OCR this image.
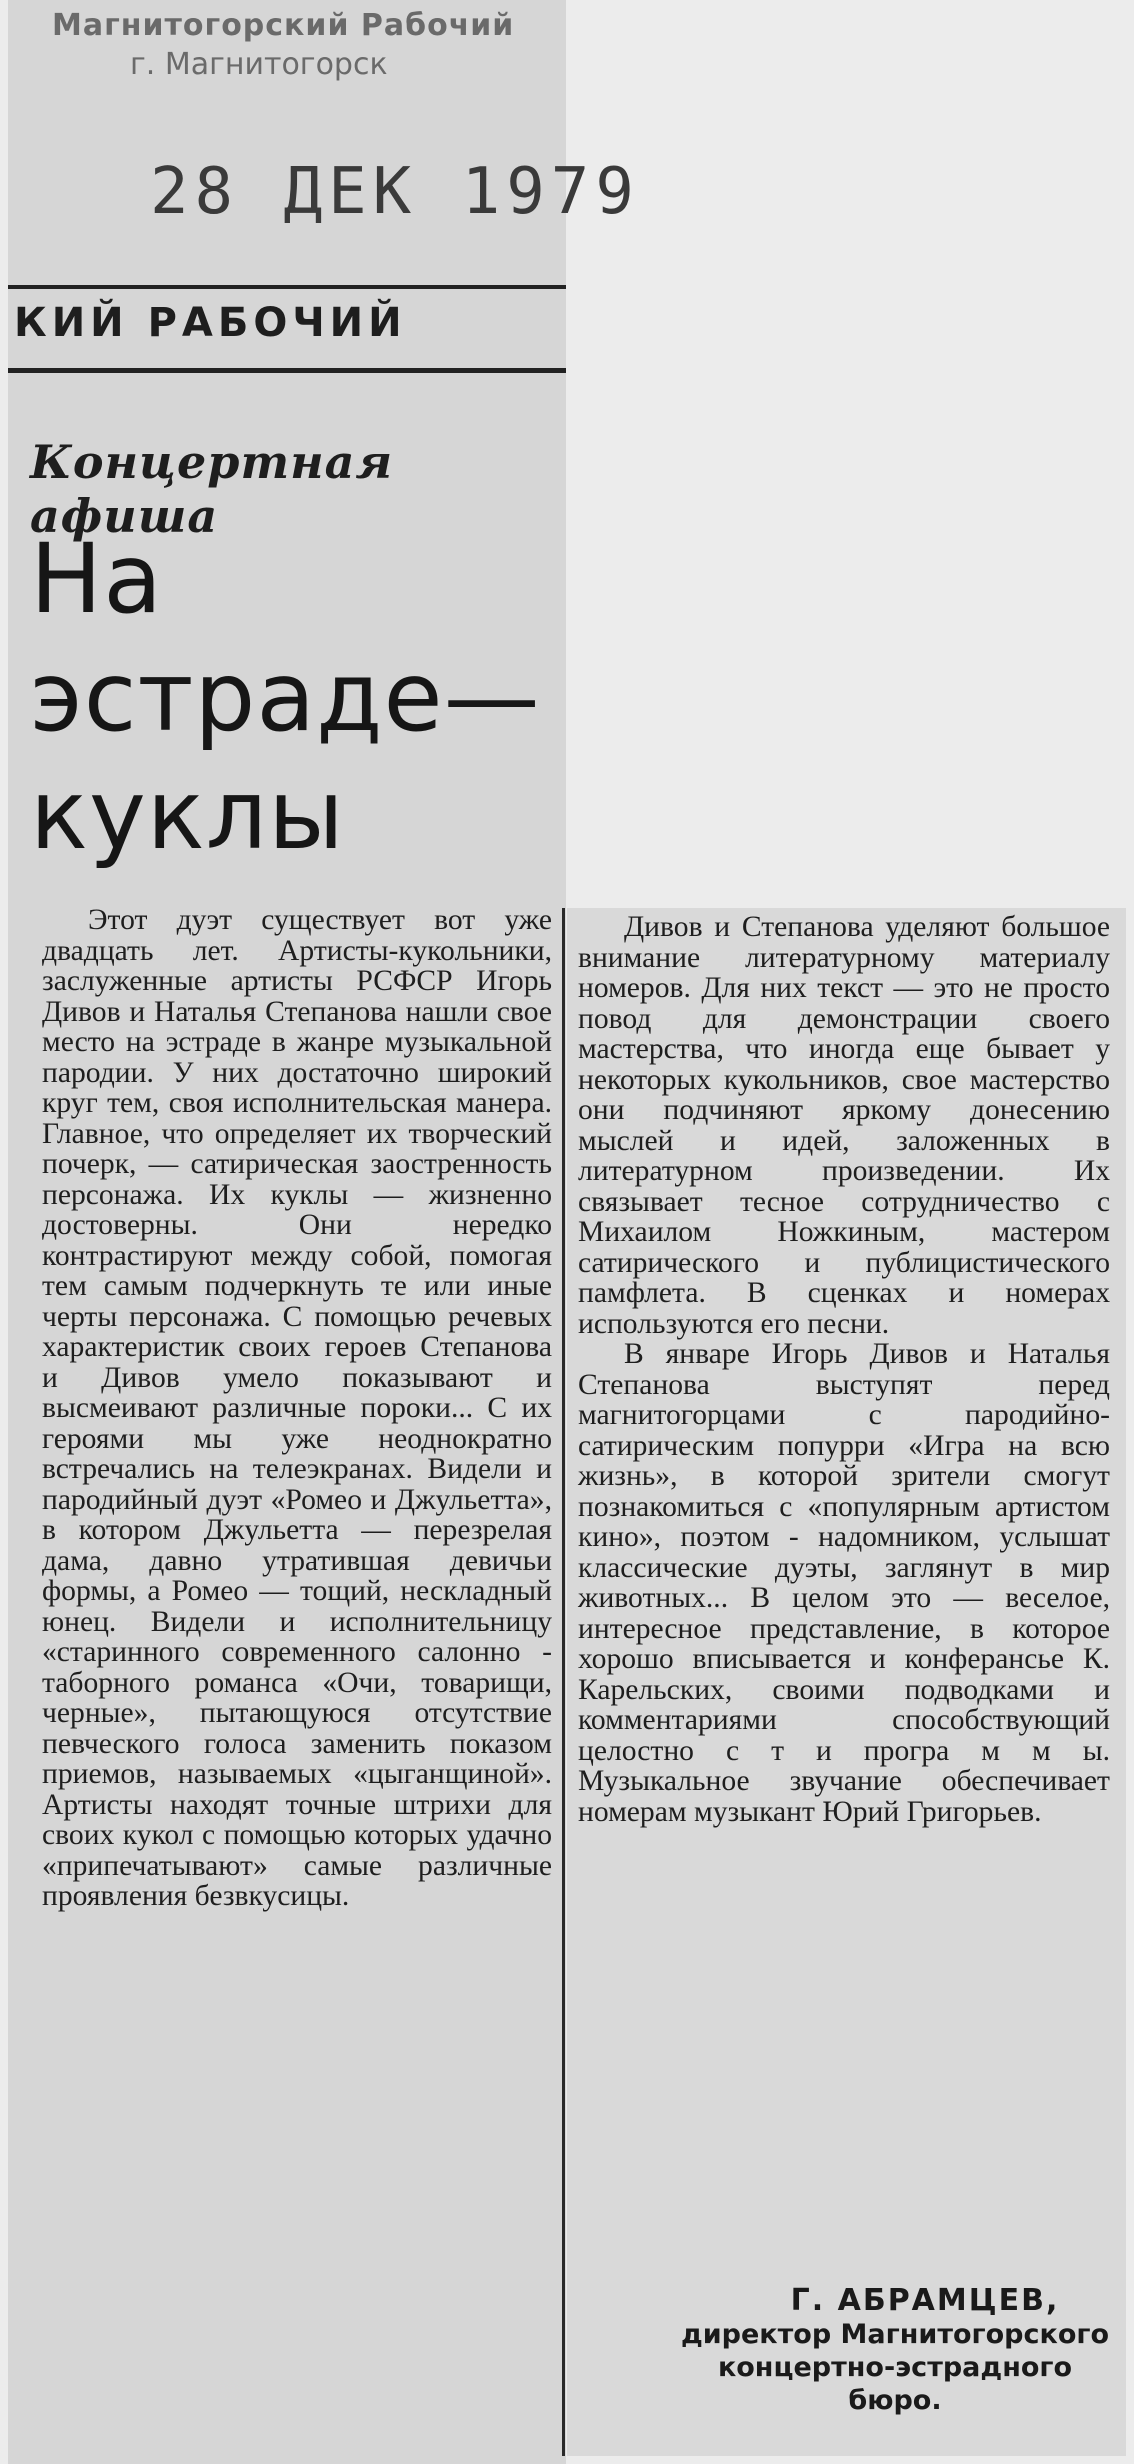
Магнитогорский Рабочий
г. Магнитогорск
28 ДЕК 1979
КИЙ РАБОЧИЙ
Концертная афиша
На
эстраде—
куклы

Этот дуэт существует вот уже двадцать лет. Артисты-кукольники, заслуженные артисты РСФСР Игорь Дивов и Наталья Степанова нашли свое место на эстраде в жанре музыкальной пародии. У них достаточно широкий круг тем, своя исполнительская манера. Главное, что определяет их творческий почерк, — сатирическая заостренность персонажа. Их куклы — жизненно достоверны. Они нередко контрастируют между собой, помогая тем самым подчеркнуть те или иные черты персонажа. С помощью речевых характеристик своих героев Степанова и Дивов умело показывают и высмеивают различные пороки... С их героями мы уже неоднократно встречались на телеэкранах. Видели и пародийный дуэт «Ромео и Джульетта», в котором Джульетта — перезрелая дама, давно утратившая девичьи формы, а Ромео — тощий, нескладный юнец. Видели и исполнительницу «старинного современного салонно - таборного романса «Очи, товарищи, черные», пытающуюся отсутствие певческого голоса заменить показом приемов, называемых «цыганщиной». Артисты находят точные штрихи для своих кукол с помощью которых удачно «припечатывают» самые различные проявления безвкусицы.

Дивов и Степанова уделяют большое внимание литературному материалу номеров. Для них текст — это не просто повод для демонстрации своего мастерства, что иногда еще бывает у некоторых кукольников, свое мастерство они подчиняют яркому донесению мыслей и идей, заложенных в литературном произведении. Их связывает тесное сотрудничество с Михаилом Ножкиным, мастером сатирического и публицистического памфлета. В сценках и номерах используются его песни.

В январе Игорь Дивов и Наталья Степанова выступят перед магнитогорцами с пародийно-сатирическим попурри «Игра на всю жизнь», в которой зрители смогут познакомиться с «популярным артистом кино», поэтом - надомником, услышат классические дуэты, заглянут в мир животных... В целом это — веселое, интересное представление, в которое хорошо вписывается и конферансье К. Карельских, своими подводками и комментариями способствующий целостно с т и програ м м ы. Музыкальное звучание обеспечивает номерам музыкант Юрий Григорьев.

Г. АБРАМЦЕВ,
директор Магнитогорского концертно-эстрадного бюро.
